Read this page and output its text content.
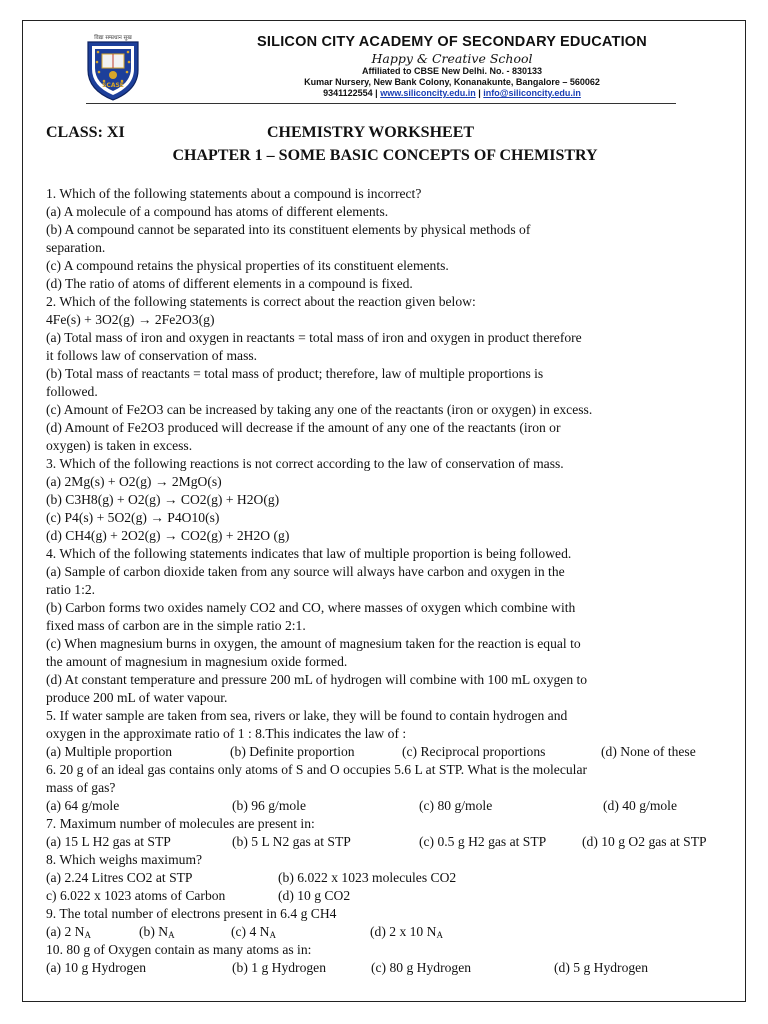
विद्या सम्प्रधान सुख
SCASE
SILICON CITY ACADEMY OF SECONDARY EDUCATION
Happy & Creative School
Affiliated to CBSE New Delhi. No. - 830133
Kumar Nursery, New Bank Colony, Konanakunte, Bangalore – 560062
9341122554 | www.siliconcity.edu.in | info@siliconcity.edu.in
CLASS: XI	CHEMISTRY WORKSHEET
CHAPTER 1 – SOME BASIC CONCEPTS OF CHEMISTRY
1. Which of the following statements about a compound is incorrect?
(a) A molecule of a compound has atoms of different elements.
(b) A compound cannot be separated into its constituent elements by physical methods of
separation.
(c) A compound retains the physical properties of its constituent elements.
(d) The ratio of atoms of different elements in a compound is fixed.
2. Which of the following statements is correct about the reaction given below:
4Fe(s) + 3O2(g) → 2Fe2O3(g)
(a) Total mass of iron and oxygen in reactants = total mass of iron and oxygen in product therefore
it follows law of conservation of mass.
(b) Total mass of reactants = total mass of product; therefore, law of multiple proportions is
followed.
(c) Amount of Fe2O3 can be increased by taking any one of the reactants (iron or oxygen) in excess.
(d) Amount of Fe2O3 produced will decrease if the amount of any one of the reactants (iron or
oxygen) is taken in excess.
3. Which of the following reactions is not correct according to the law of conservation of mass.
(a) 2Mg(s) + O2(g) → 2MgO(s)
(b) C3H8(g) + O2(g) → CO2(g) + H2O(g)
(c) P4(s) + 5O2(g) → P4O10(s)
(d) CH4(g) + 2O2(g) → CO2(g) + 2H2O (g)
4. Which of the following statements indicates that law of multiple proportion is being followed.
(a) Sample of carbon dioxide taken from any source will always have carbon and oxygen in the
ratio 1:2.
(b) Carbon forms two oxides namely CO2 and CO, where masses of oxygen which combine with
fixed mass of carbon are in the simple ratio 2:1.
(c) When magnesium burns in oxygen, the amount of magnesium taken for the reaction is equal to
the amount of magnesium in magnesium oxide formed.
(d) At constant temperature and pressure 200 mL of hydrogen will combine with 100 mL oxygen to
produce 200 mL of water vapour.
5. If water sample are taken from sea, rivers or lake, they will be found to contain hydrogen and
oxygen in the approximate ratio of 1 : 8.This indicates the law of :
(a) Multiple proportion	(b) Definite proportion	(c) Reciprocal proportions	(d) None of these
6. 20 g of an ideal gas contains only atoms of S and O occupies 5.6 L at STP. What is the molecular
mass of gas?
(a) 64 g/mole	(b) 96 g/mole	(c) 80 g/mole	(d) 40 g/mole
7. Maximum number of molecules are present in:
(a) 15 L H2 gas at STP	(b) 5 L N2 gas at STP	(c) 0.5 g H2 gas at STP	(d) 10 g O2 gas at STP
8. Which weighs maximum?
(a) 2.24 Litres CO2 at STP	(b) 6.022 x 1023 molecules CO2
c) 6.022 x 1023 atoms of Carbon	(d) 10 g CO2
9. The total number of electrons present in 6.4 g CH4
(a) 2 $N_A$	(b) $N_A$	(c) 4 $N_A$	(d) 2 x 10 $N_A$
10. 80 g of Oxygen contain as many atoms as in:
(a) 10 g Hydrogen	(b) 1 g Hydrogen	(c) 80 g Hydrogen	(d) 5 g Hydrogen
